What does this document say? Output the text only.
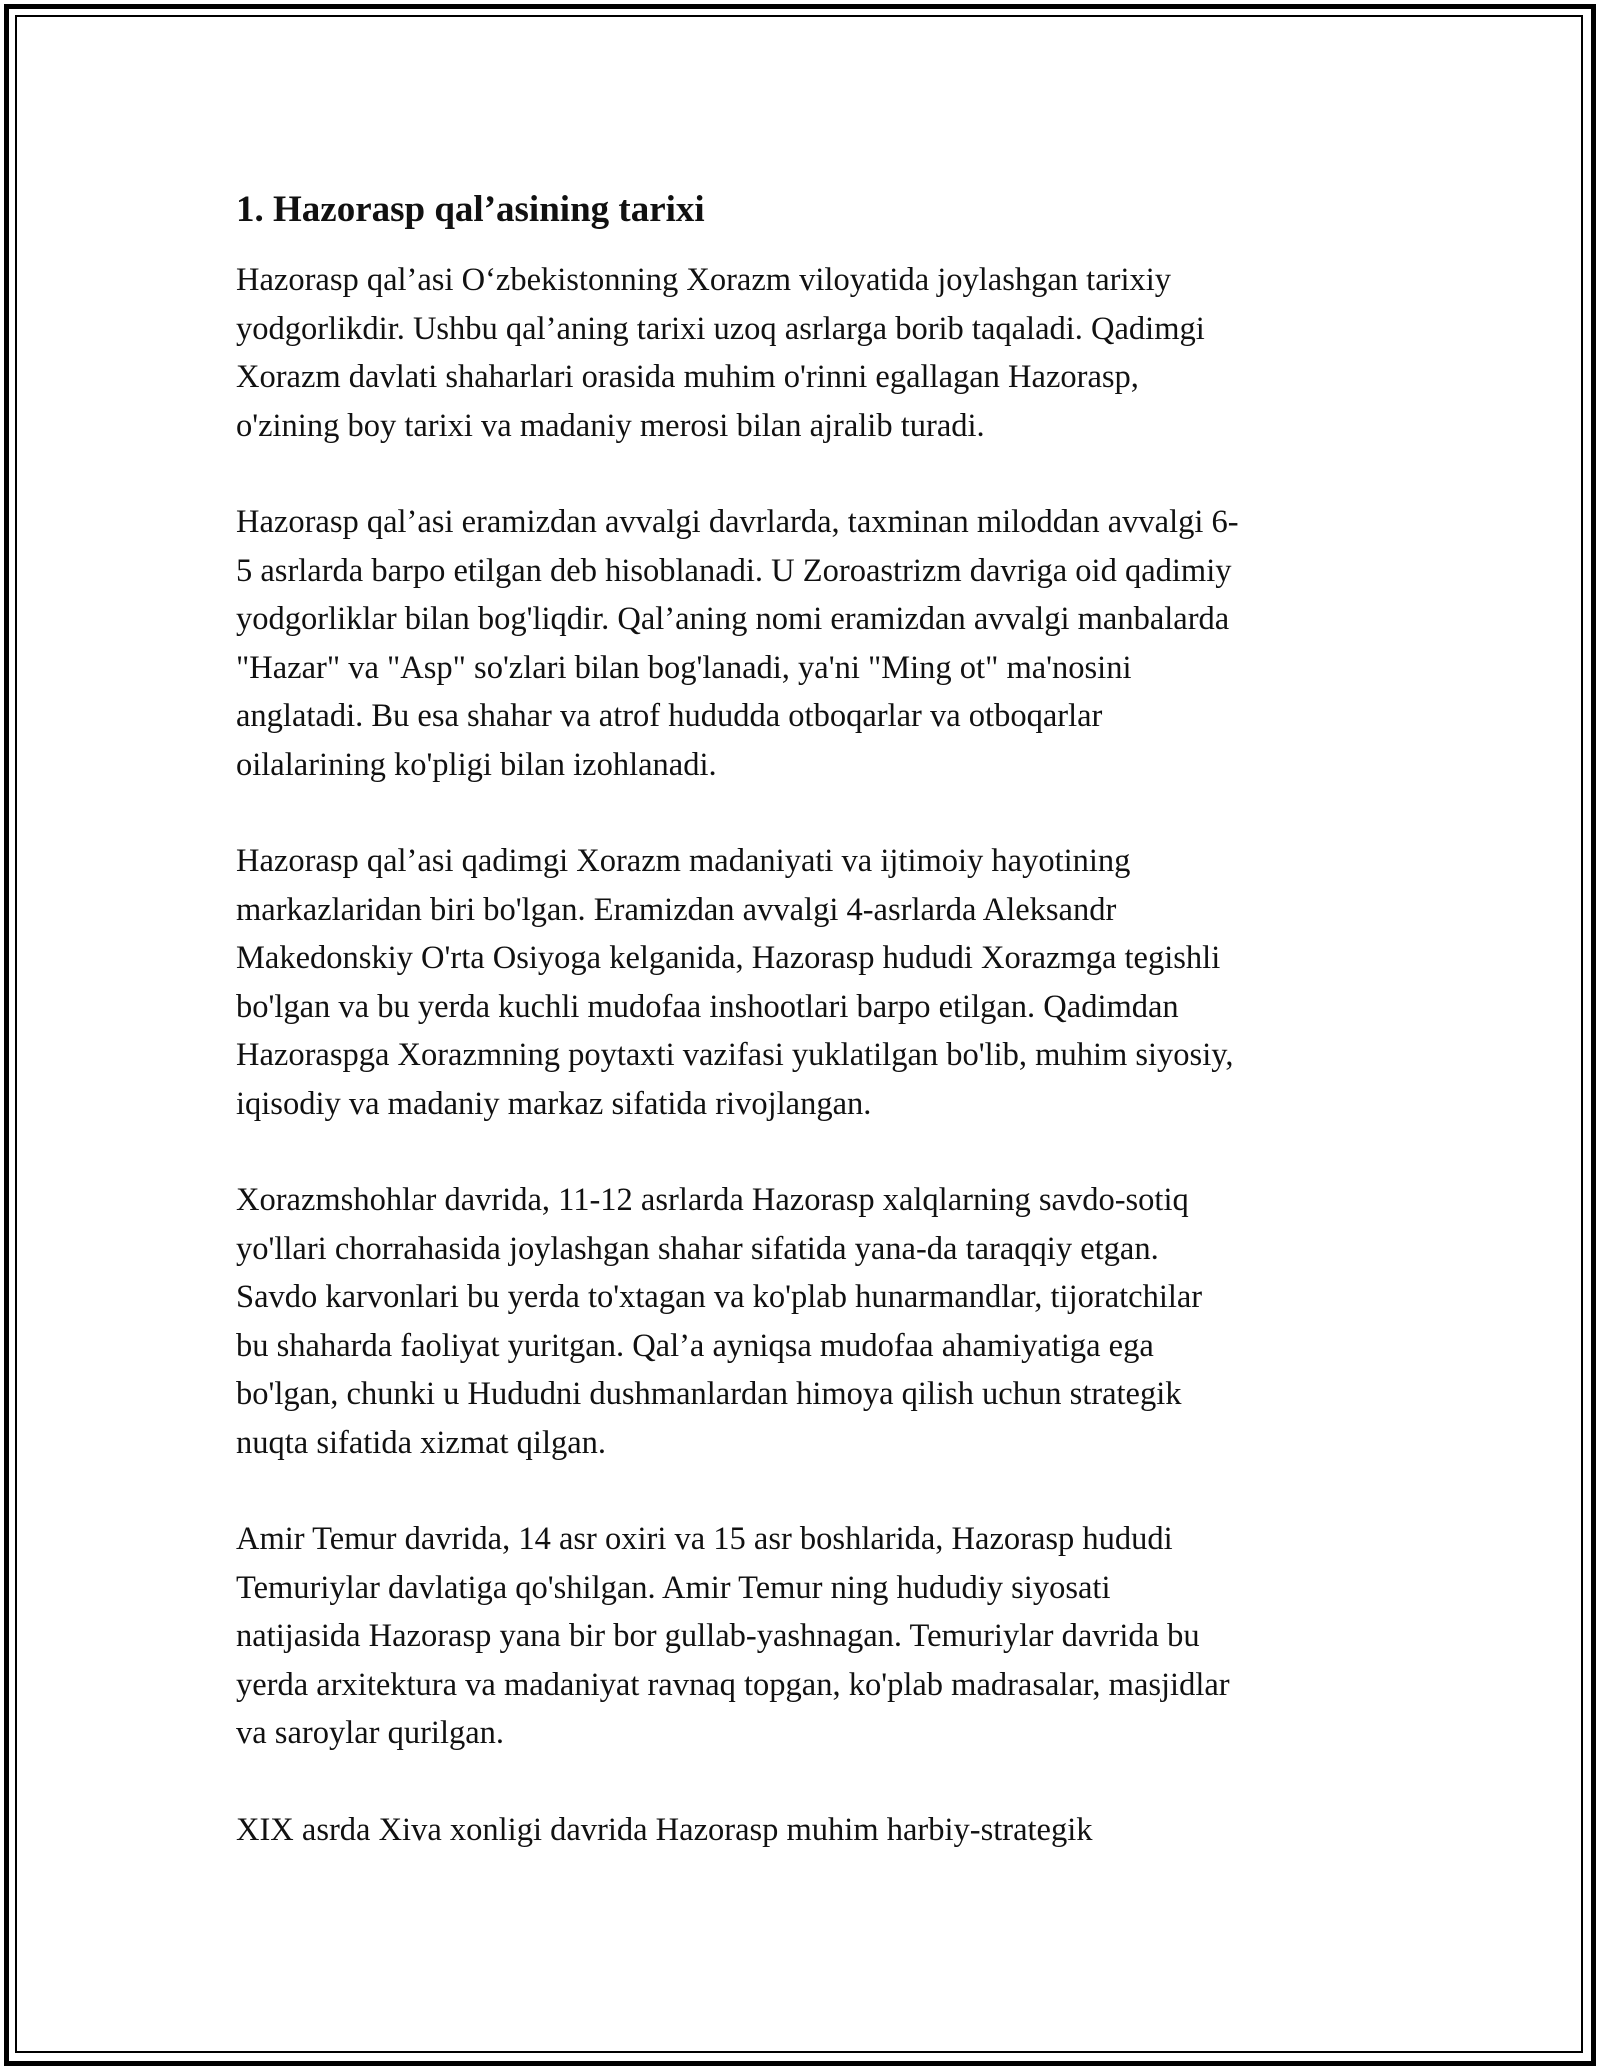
1. Hazorasp qal’asining tarixi
Hazorasp qal’asi O‘zbekistonning Xorazm viloyatida joylashgan tarixiy
yodgorlikdir. Ushbu qal’aning tarixi uzoq asrlarga borib taqaladi. Qadimgi
Xorazm davlati shaharlari orasida muhim o'rinni egallagan Hazorasp,
o'zining boy tarixi va madaniy merosi bilan ajralib turadi.
Hazorasp qal’asi eramizdan avvalgi davrlarda, taxminan miloddan avvalgi 6-
5 asrlarda barpo etilgan deb hisoblanadi. U Zoroastrizm davriga oid qadimiy
yodgorliklar bilan bog'liqdir. Qal’aning nomi eramizdan avvalgi manbalarda
"Hazar" va "Asp" so'zlari bilan bog'lanadi, ya'ni "Ming ot" ma'nosini
anglatadi. Bu esa shahar va atrof hududda otboqarlar va otboqarlar
oilalarining ko'pligi bilan izohlanadi.
Hazorasp qal’asi qadimgi Xorazm madaniyati va ijtimoiy hayotining
markazlaridan biri bo'lgan. Eramizdan avvalgi 4-asrlarda Aleksandr
Makedonskiy O'rta Osiyoga kelganida, Hazorasp hududi Xorazmga tegishli
bo'lgan va bu yerda kuchli mudofaa inshootlari barpo etilgan. Qadimdan
Hazoraspga Xorazmning poytaxti vazifasi yuklatilgan bo'lib, muhim siyosiy,
iqisodiy va madaniy markaz sifatida rivojlangan.
Xorazmshohlar davrida, 11-12 asrlarda Hazorasp xalqlarning savdo-sotiq
yo'llari chorrahasida joylashgan shahar sifatida yana-da taraqqiy etgan.
Savdo karvonlari bu yerda to'xtagan va ko'plab hunarmandlar, tijoratchilar
bu shaharda faoliyat yuritgan. Qal’a ayniqsa mudofaa ahamiyatiga ega
bo'lgan, chunki u Hududni dushmanlardan himoya qilish uchun strategik
nuqta sifatida xizmat qilgan.
Amir Temur davrida, 14 asr oxiri va 15 asr boshlarida, Hazorasp hududi
Temuriylar davlatiga qo'shilgan. Amir Temur ning hududiy siyosati
natijasida Hazorasp yana bir bor gullab-yashnagan. Temuriylar davrida bu
yerda arxitektura va madaniyat ravnaq topgan, ko'plab madrasalar, masjidlar
va saroylar qurilgan.
XIX asrda Xiva xonligi davrida Hazorasp muhim harbiy-strategik
